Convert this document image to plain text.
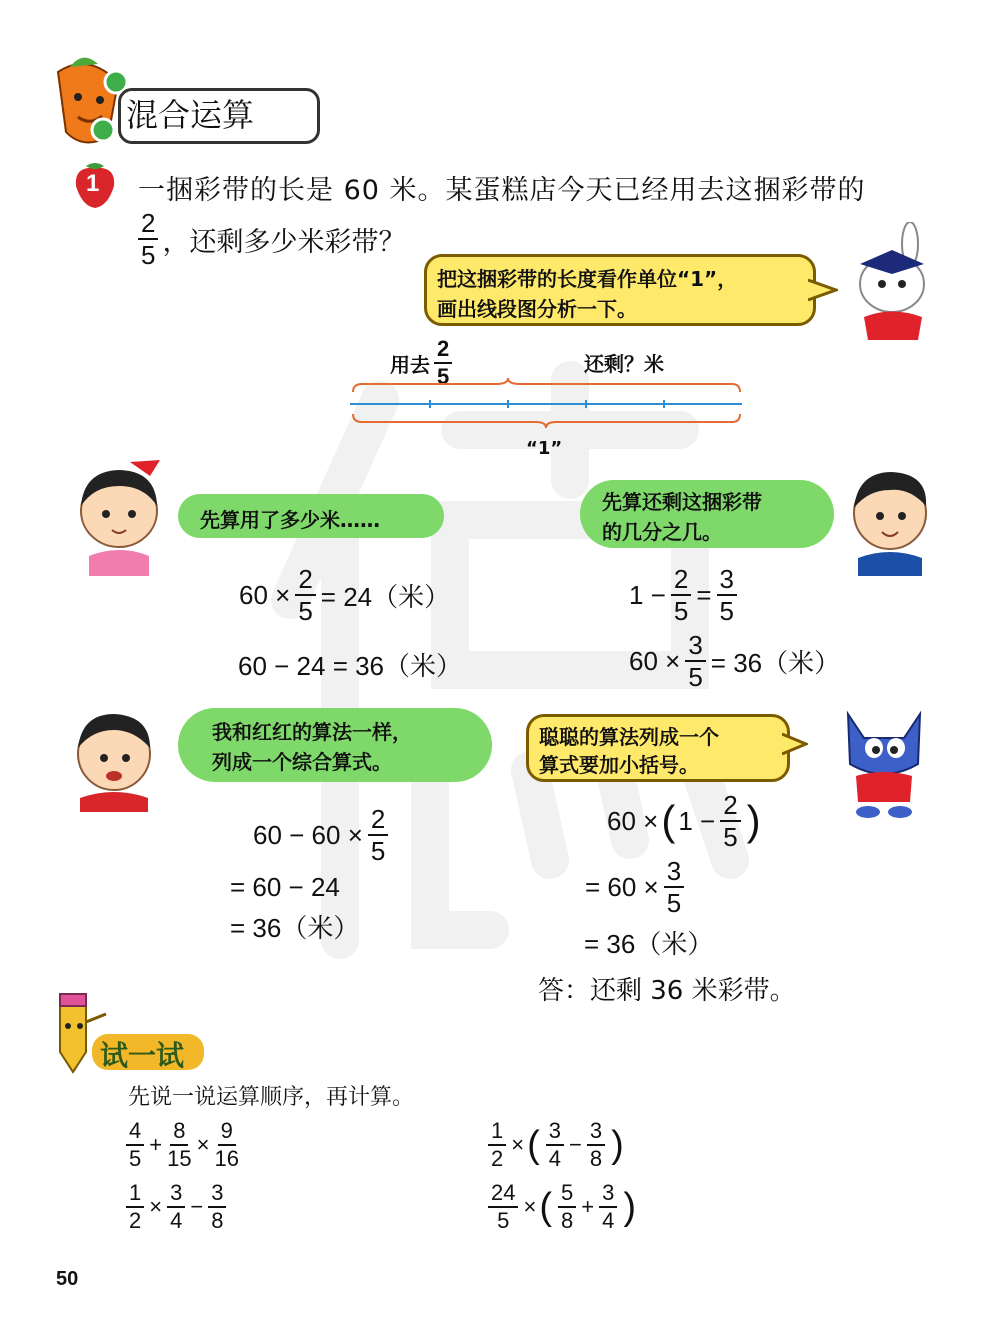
混合运算
1 一捆彩带的长是 60 米。某蛋糕店今天已经用去这捆彩带的
$\frac{2}{5}$ ，还剩多少米彩带？
把这捆彩带的长度看作单位“1”，
画出线段图分析一下。
用去 $\frac{2}{5}$	还剩？米
“1”
先算用了多少米……
先算还剩这捆彩带
的几分之几。
$60 \times \frac{2}{5} = 24$（米）
60 − 24 = 36（米）
$1 - \frac{2}{5} = \frac{3}{5}$
$60 \times \frac{3}{5} = 36$（米）
我和红红的算法一样，
列成一个综合算式。
聪聪的算法列成一个
算式要加小括号。
$60 - 60 \times \frac{2}{5}$
= 60 − 24
= 36（米）
60 × ( $1 - \frac{2}{5}$ )
= $60 \times \frac{3}{5}$
= 36（米）
答：还剩 36 米彩带。
试一试
先说一说运算顺序，再计算。
$\frac{4}{5} + \frac{8}{15} \times \frac{9}{16}$	$\frac{1}{2}$ × ( $\frac{3}{4} - \frac{3}{8}$ )
$\frac{1}{2} \times \frac{3}{4} - \frac{3}{8}$	$\frac{24}{5}$ × ( $\frac{5}{8} + \frac{3}{4}$ )
50
